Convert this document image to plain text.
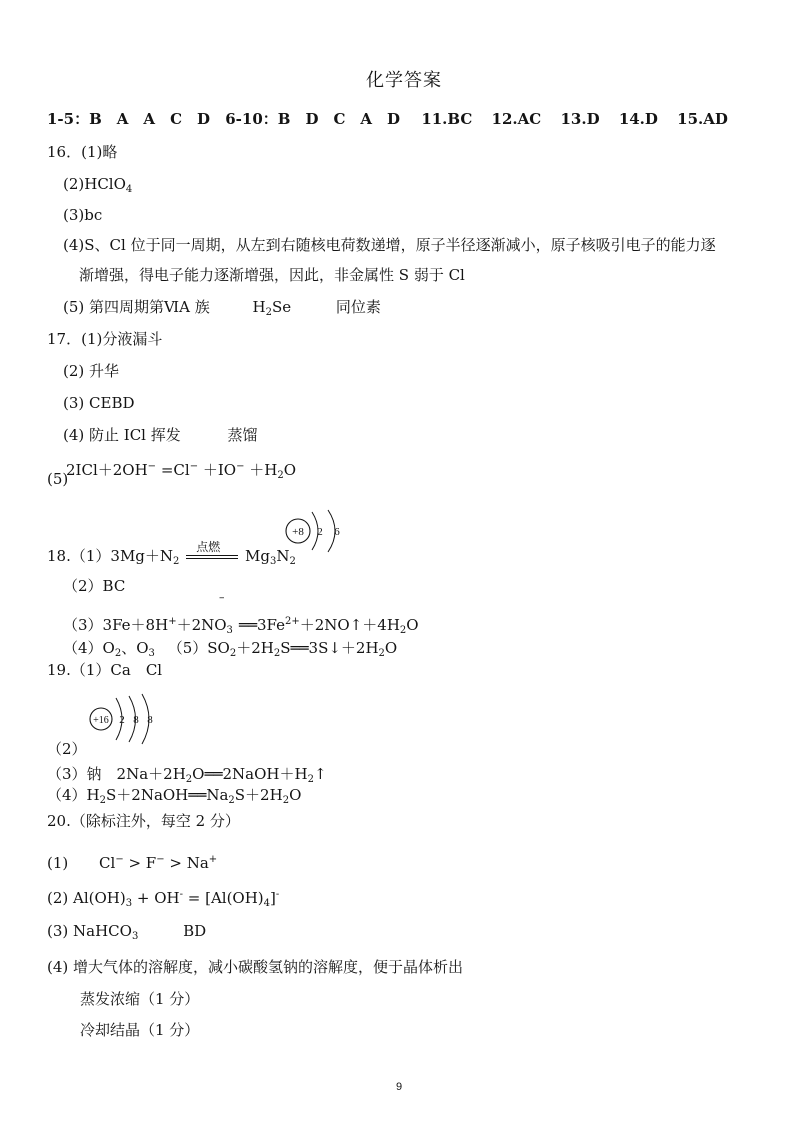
化学答案
1-5：B　A　A　C　D 6-10：B　D　C　A　D 11.BC 12.AC 13.D 14.D 15.AD
16．(1)略
(2)HClO$_4$
(3)bc
(4)S、Cl 位于同一周期，从左到右随核电荷数递增，原子半径逐渐减小，原子核吸引电子的能力逐
渐增强，得电子能力逐渐增强，因此，非金属性 S 弱于 Cl
(5) 第四周期第ⅥA 族	$H_2Se$	同位素
17．(1)分液漏斗
(2) 升华
(3) CEBD
(4) 防止 ICl 挥发	蒸馏
(5)
$2ICl+2OH^- =Cl^- +IO^- +H_2O$
+8 2 6
$18.(1)3Mg+N_2$
点燃 $Mg_3N_2$
（2）BC
–
$(3)3Fe+8H^++2NO_3$ $══3Fe^{2+}+2NO↑+4H_2O$
$(4)O_2$、$O_3$ $(5)SO_2+2H_2S══3S↓+2H_2O$
19.（1）Ca　Cl
+16 2 8 8
（2）
（3）钠　$2Na+2H_2O══2NaOH+H_2↑$
$(4)H_2S+2NaOH══Na_2S+2H_2O$
20.（除标注外，每空 2 分）
(1) Cl− > F− > Na+
(2) $Al(OH)_3 + OH^- = [Al(OH)_4]^-$
(3) NaHCO$_3$	BD
(4) 增大气体的溶解度，减小碳酸氢钠的溶解度，便于晶体析出
蒸发浓缩（1 分）
冷却结晶（1 分）
9
